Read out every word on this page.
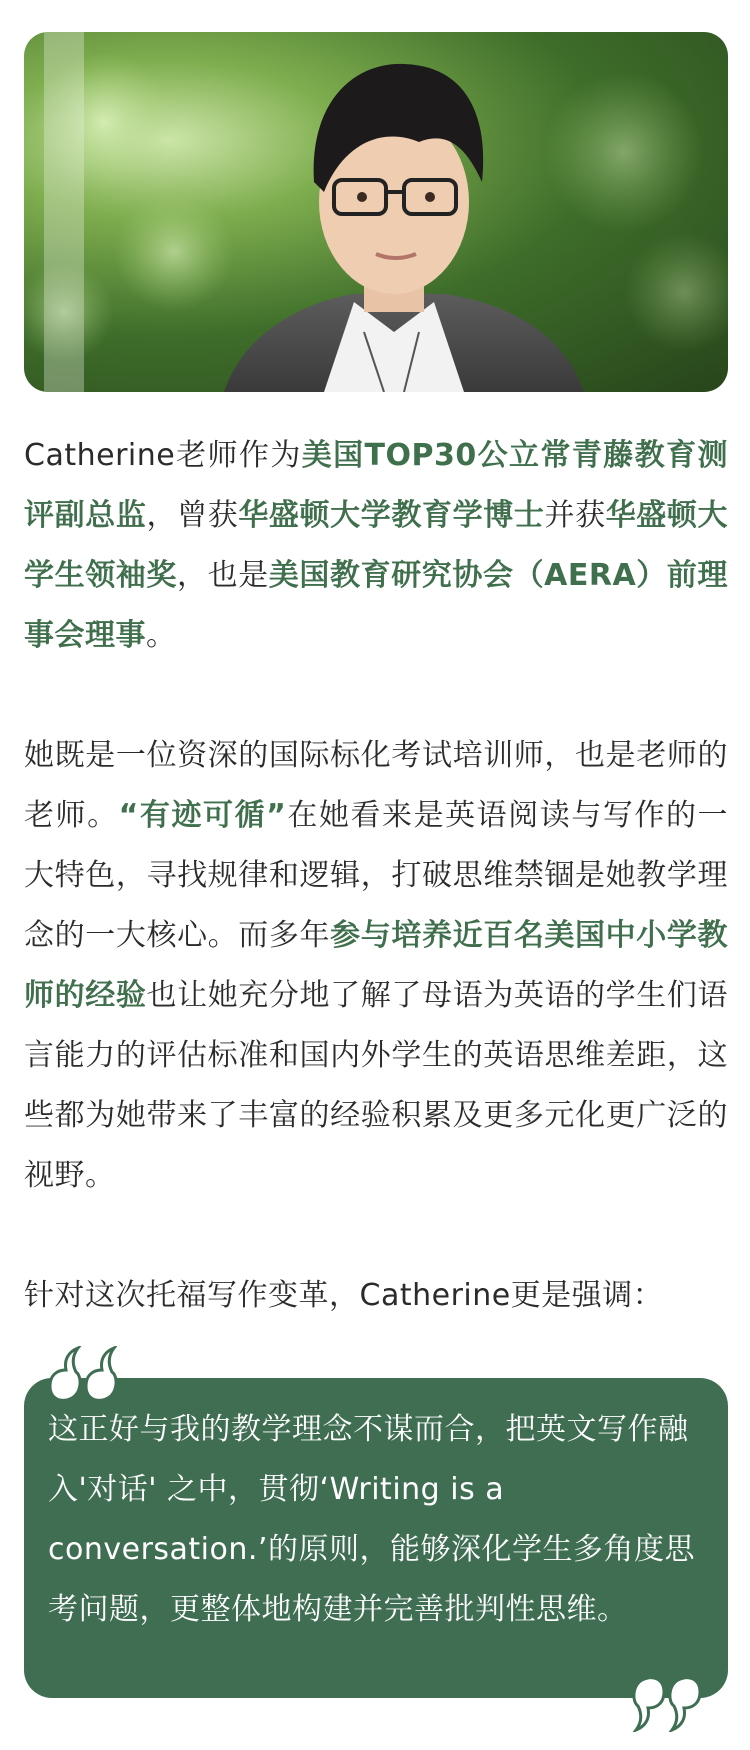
Catherine老师作为美国TOP30公立常青藤教育测评副总监，曾获华盛顿大学教育学博士并获华盛顿大学生领袖奖，也是美国教育研究协会（AERA）前理事会理事。

她既是一位资深的国际标化考试培训师，也是老师的老师。“有迹可循”在她看来是英语阅读与写作的一大特色，寻找规律和逻辑，打破思维禁锢是她教学理念的一大核心。而多年参与培养近百名美国中小学教师的经验也让她充分地了解了母语为英语的学生们语言能力的评估标准和国内外学生的英语思维差距，这些都为她带来了丰富的经验积累及更多元化更广泛的视野。

针对这次托福写作变革，Catherine更是强调：

这正好与我的教学理念不谋而合，把英文写作融入'对话' 之中，贯彻‘Writing is a conversation.’的原则，能够深化学生多角度思考问题，更整体地构建并完善批判性思维。
